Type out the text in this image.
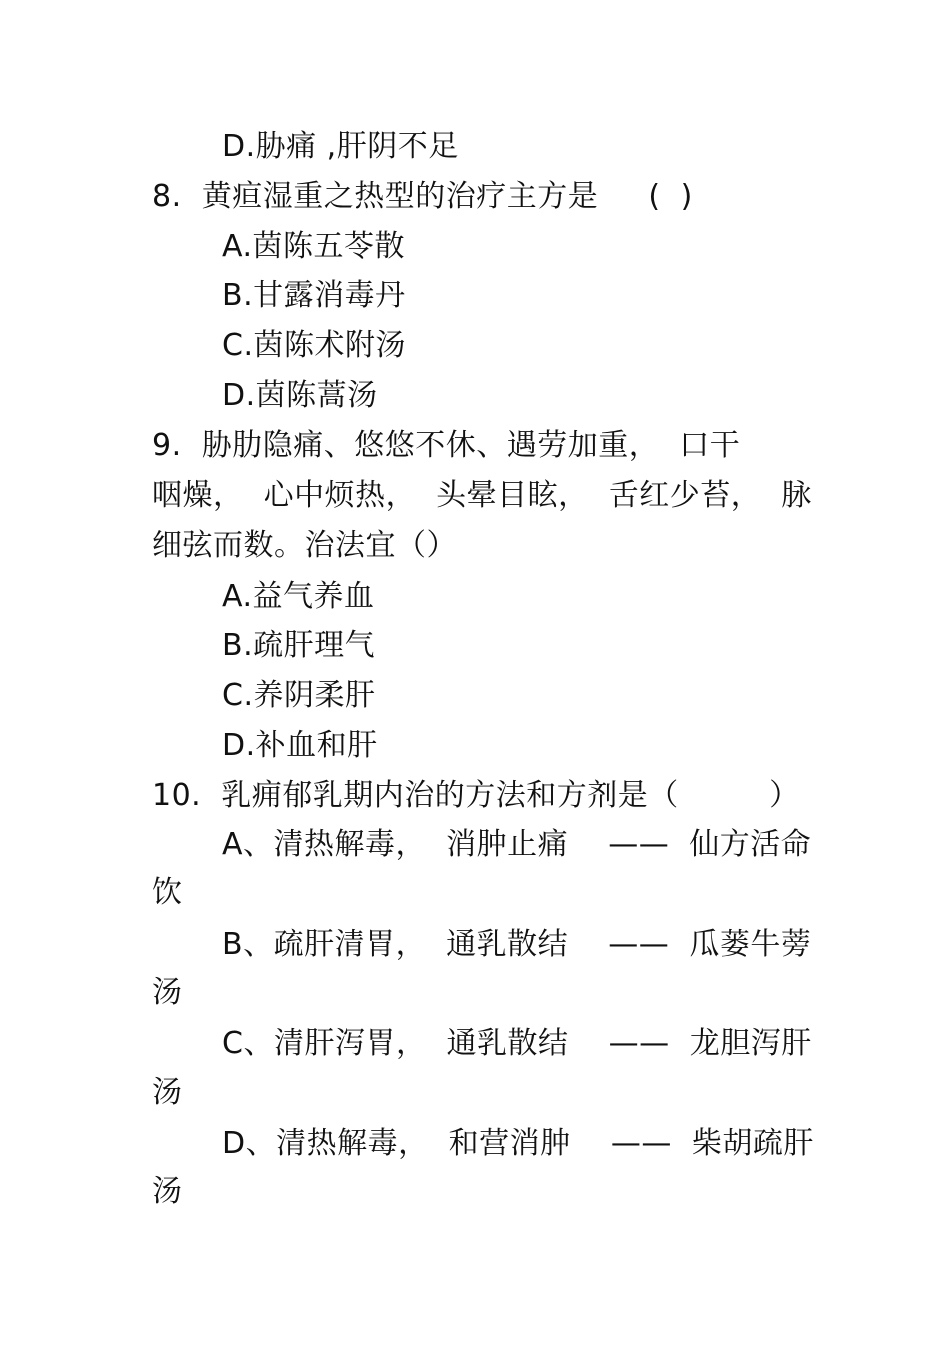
D.胁痛 ,肝阴不足
8.  黄疸湿重之热型的治疗主方是     (  )
A.茵陈五苓散
B.甘露消毒丹
C.茵陈术附汤
D.茵陈蒿汤
9.  胁肋隐痛、悠悠不休、遇劳加重，  口干
咽燥，  心中烦热，  头晕目眩，  舌红少苔，  脉
细弦而数。治法宜（）
A.益气养血
B.疏肝理气
C.养阴柔肝
D.补血和肝
10.  乳痈郁乳期内治的方法和方剂是（         ）
A、清热解毒，  消肿止痛    ——  仙方活命
饮
B、疏肝清胃，  通乳散结    ——  瓜蒌牛蒡
汤
C、清肝泻胃，  通乳散结    ——  龙胆泻肝
汤
D、清热解毒，  和营消肿    ——  柴胡疏肝
汤
